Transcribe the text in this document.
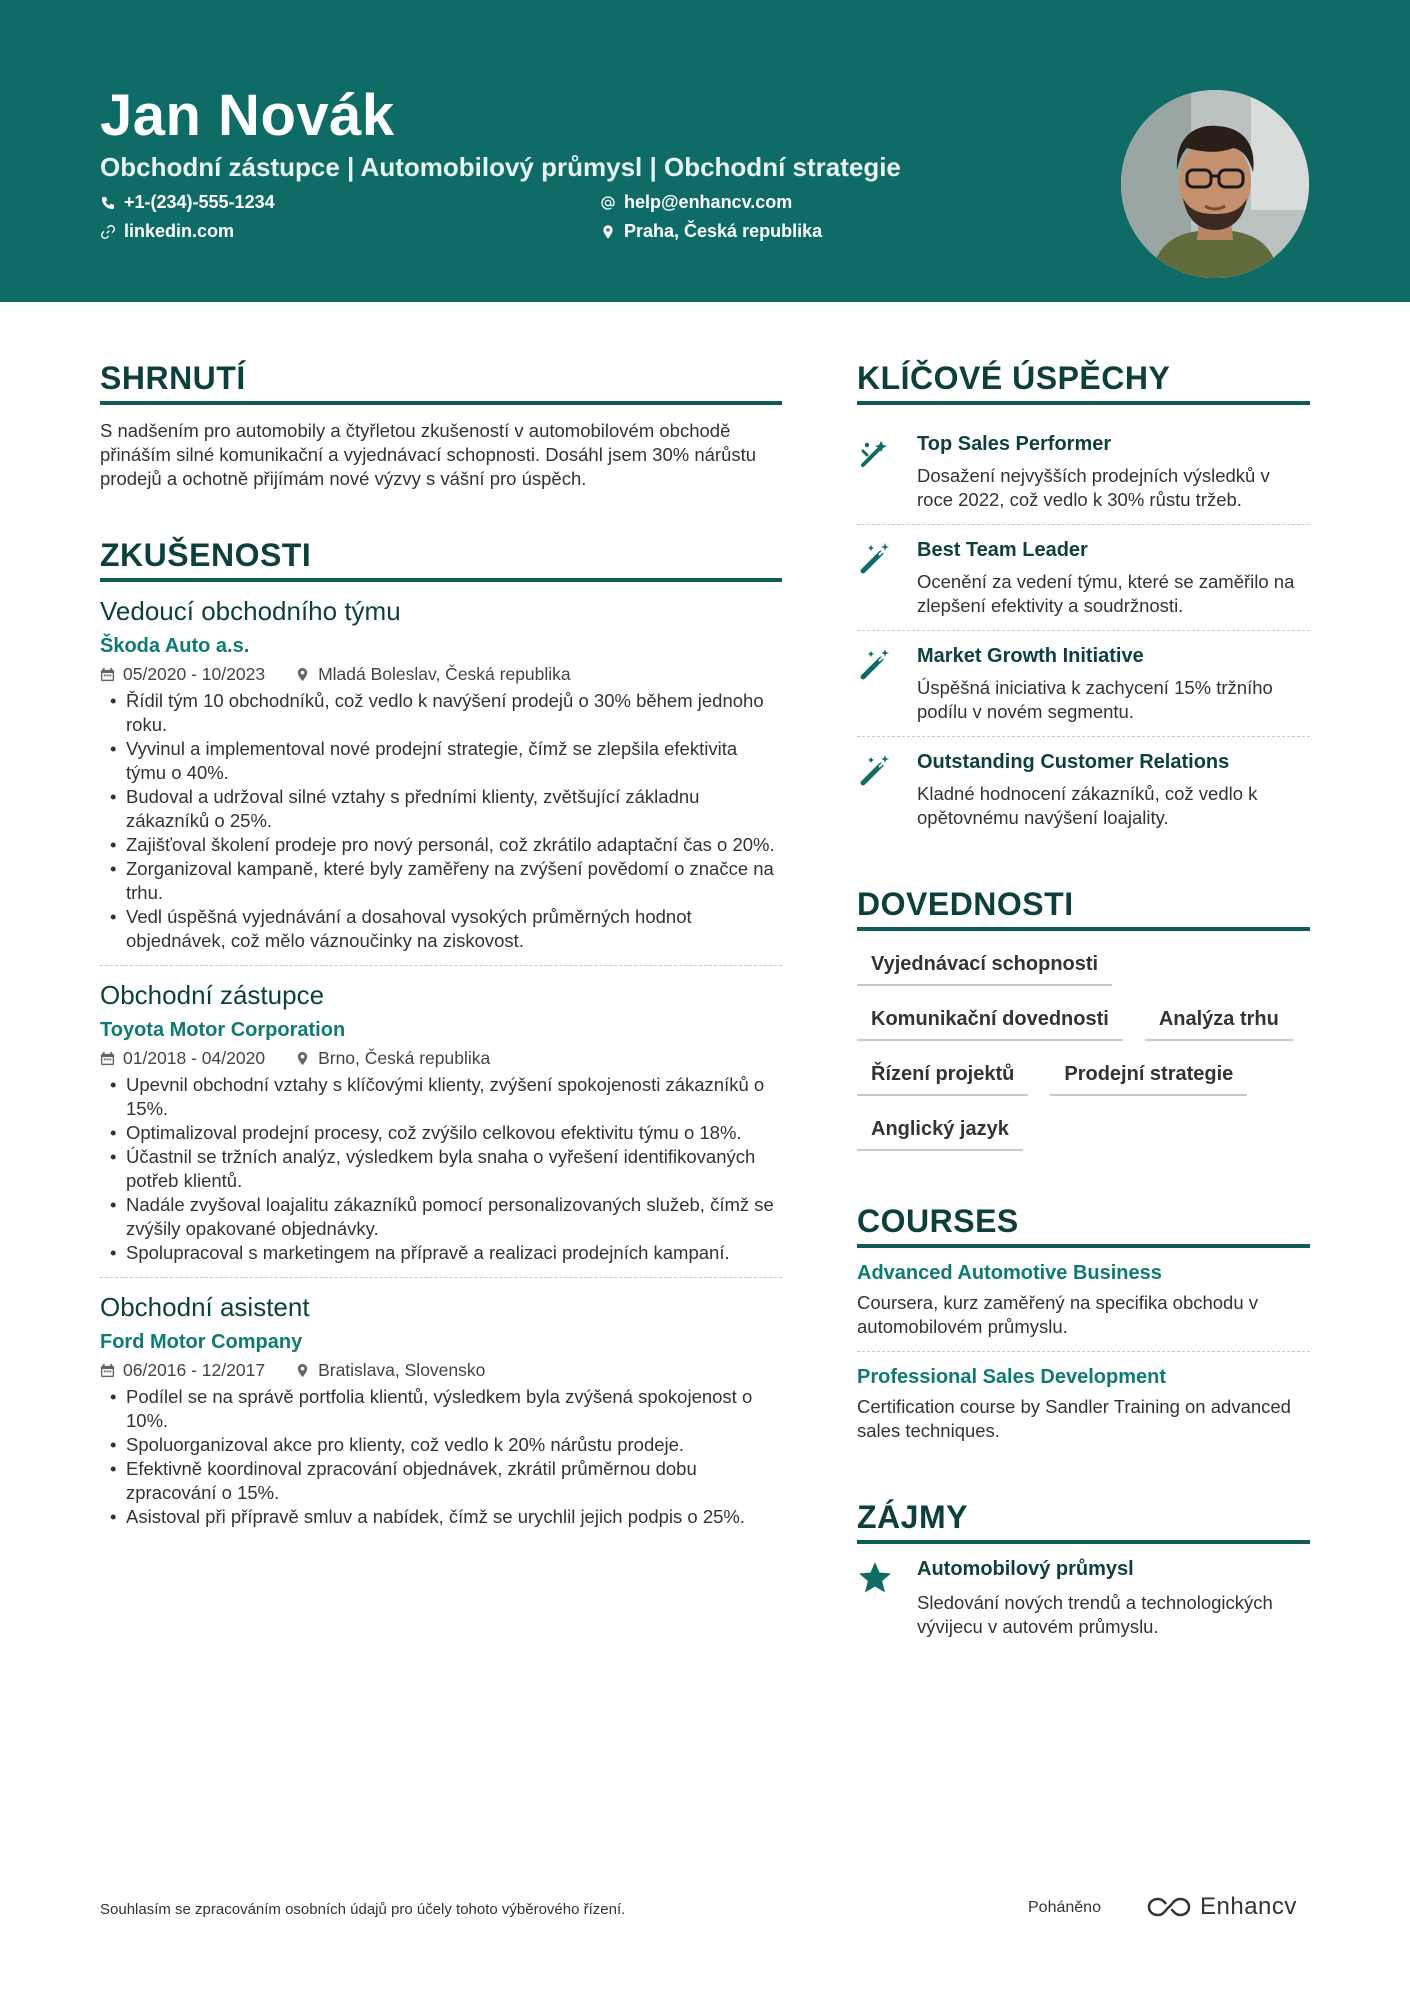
Jan Novák
Obchodní zástupce | Automobilový průmysl | Obchodní strategie
+1-(234)-555-1234	help@enhancv.com
linkedin.com	Praha, Česká republika
SHRNUTÍ

S nadšením pro automobily a čtyřletou zkušeností v automobilovém obchodě přináším silné komunikační a vyjednávací schopnosti. Dosáhl jsem 30% nárůstu prodejů a ochotně přijímám nové výzvy s vášní pro úspěch.

ZKUŠENOSTI
Vedoucí obchodního týmu
Škoda Auto a.s.
05/2020 - 10/2023	Mladá Boleslav, Česká republika
• Řídil tým 10 obchodníků, což vedlo k navýšení prodejů o 30% během jednoho roku.
• Vyvinul a implementoval nové prodejní strategie, čímž se zlepšila efektivita týmu o 40%.
• Budoval a udržoval silné vztahy s předními klienty, zvětšující základnu zákazníků o 25%.
• Zajišťoval školení prodeje pro nový personál, což zkrátilo adaptační čas o 20%.
• Zorganizoval kampaně, které byly zaměřeny na zvýšení povědomí o značce na trhu.
• Vedl úspěšná vyjednávání a dosahoval vysokých průměrných hodnot objednávek, což mělo váznoučinky na ziskovost.
Obchodní zástupce
Toyota Motor Corporation
01/2018 - 04/2020	Brno, Česká republika
• Upevnil obchodní vztahy s klíčovými klienty, zvýšení spokojenosti zákazníků o 15%.
• Optimalizoval prodejní procesy, což zvýšilo celkovou efektivitu týmu o 18%.
• Účastnil se tržních analýz, výsledkem byla snaha o vyřešení identifikovaných potřeb klientů.
• Nadále zvyšoval loajalitu zákazníků pomocí personalizovaných služeb, čímž se zvýšily opakované objednávky.
• Spolupracoval s marketingem na přípravě a realizaci prodejních kampaní.
Obchodní asistent
Ford Motor Company
06/2016 - 12/2017	Bratislava, Slovensko
• Podílel se na správě portfolia klientů, výsledkem byla zvýšená spokojenost o 10%.
• Spoluorganizoval akce pro klienty, což vedlo k 20% nárůstu prodeje.
• Efektivně koordinoval zpracování objednávek, zkrátil průměrnou dobu zpracování o 15%.
• Asistoval při přípravě smluv a nabídek, čímž se urychlil jejich podpis o 25%.
KLÍČOVÉ ÚSPĚCHY
Top Sales Performer
Dosažení nejvyšších prodejních výsledků v roce 2022, což vedlo k 30% růstu tržeb.
Best Team Leader
Ocenění za vedení týmu, které se zaměřilo na zlepšení efektivity a soudržnosti.
Market Growth Initiative
Úspěšná iniciativa k zachycení 15% tržního podílu v novém segmentu.
Outstanding Customer Relations
Kladné hodnocení zákazníků, což vedlo k opětovnému navýšení loajality.
DOVEDNOSTI
Vyjednávací schopnosti
Komunikační dovednosti	Analýza trhu
Řízení projektů	Prodejní strategie
Anglický jazyk
COURSES
Advanced Automotive Business
Coursera, kurz zaměřený na specifika obchodu v automobilovém průmyslu.
Professional Sales Development
Certification course by Sandler Training on advanced sales techniques.
ZÁJMY
Automobilový průmysl
Sledování nových trendů a technologických vývijecu v autovém průmyslu.
Souhlasím se zpracováním osobních údajů pro účely tohoto výběrového řízení.	Poháněno	Enhancv
